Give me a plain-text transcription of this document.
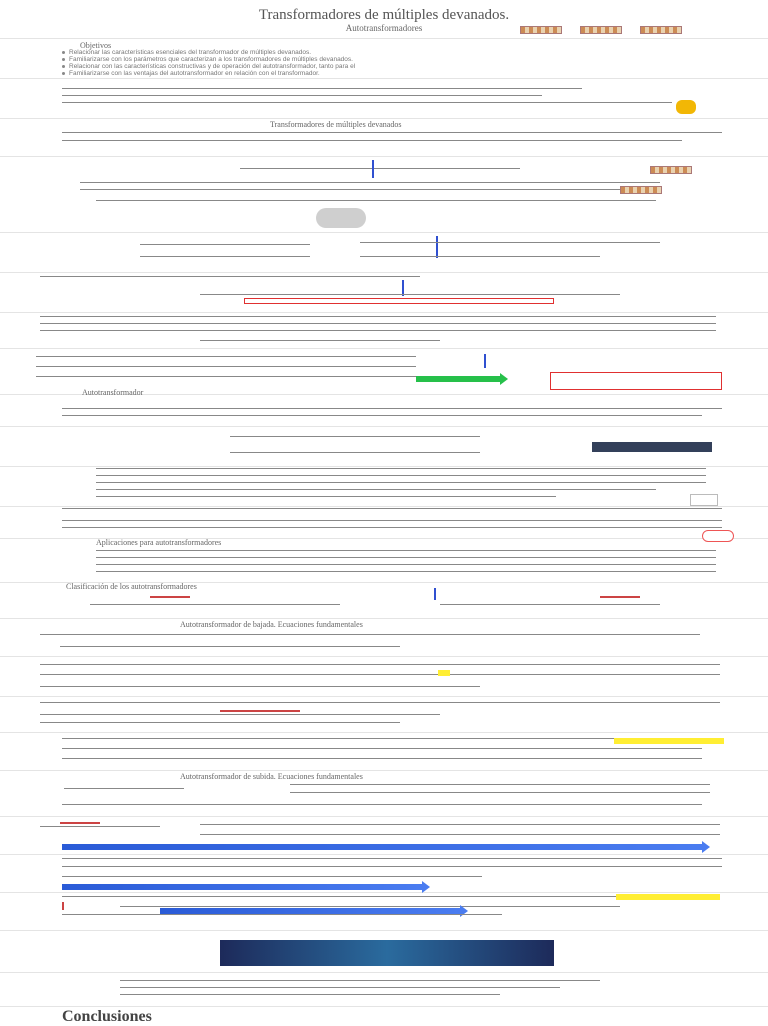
Transformadores de múltiples devanados.
Autotransformadores
Objetivos
Relacionar las características esenciales del transformador de múltiples devanados.
Familiarizarse con los parámetros que caracterizan a los transformadores de múltiples devanados.
Relacionar con las características constructivas y de operación del autotransformador, tanto para el
Familiarizarse con las ventajas del autotransformador en relación con el transformador.
Transformadores de múltiples devanados
Autotransformador
Aplicaciones para autotransformadores
Clasificación de los autotransformadores
Autotransformador de bajada. Ecuaciones fundamentales
Autotransformador de subida. Ecuaciones fundamentales
Conclusiones
